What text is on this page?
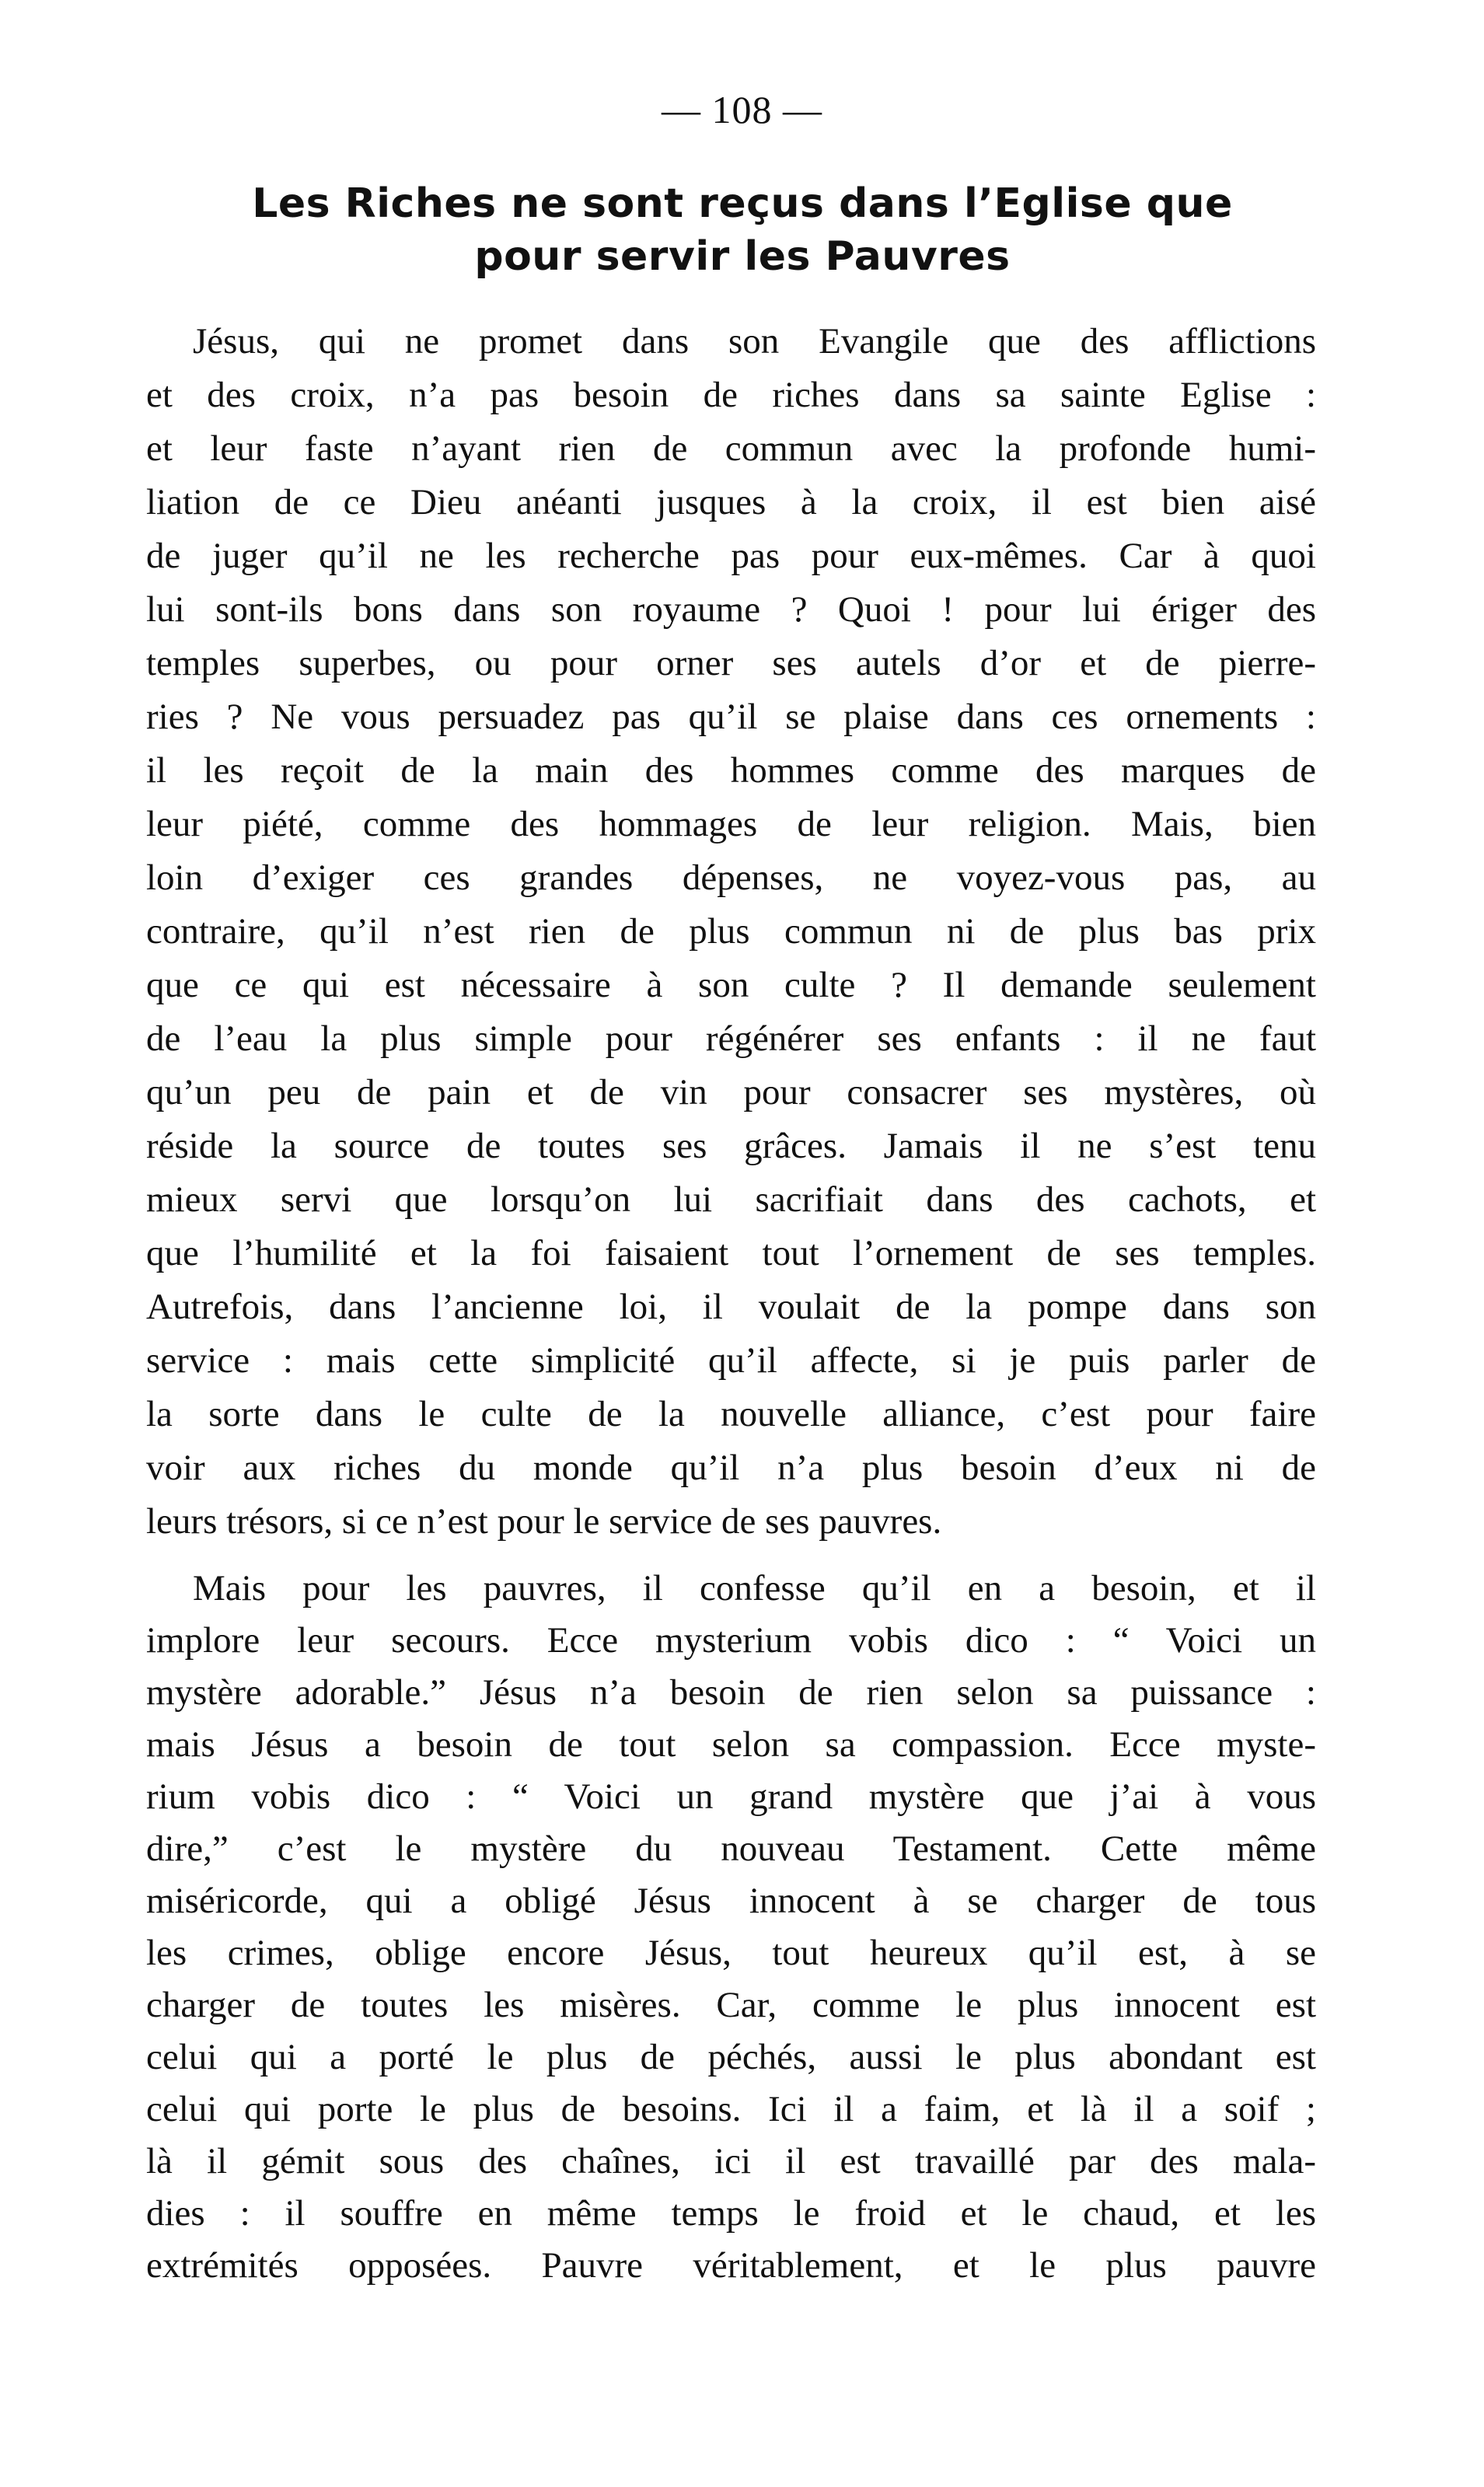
— 108 —
Les Riches ne sont reçus dans l’Eglise que
pour servir les Pauvres
Jésus, qui ne promet dans son Evangile que des afflictions
et des croix, n’a pas besoin de riches dans sa sainte Eglise :
et leur faste n’ayant rien de commun avec la profonde humi-
liation de ce Dieu anéanti jusques à la croix, il est bien aisé
de juger qu’il ne les recherche pas pour eux-mêmes. Car à quoi
lui sont-ils bons dans son royaume ? Quoi ! pour lui ériger des
temples superbes, ou pour orner ses autels d’or et de pierre-
ries ? Ne vous persuadez pas qu’il se plaise dans ces ornements :
il les reçoit de la main des hommes comme des marques de
leur piété, comme des hommages de leur religion. Mais, bien
loin d’exiger ces grandes dépenses, ne voyez-vous pas, au
contraire, qu’il n’est rien de plus commun ni de plus bas prix
que ce qui est nécessaire à son culte ? Il demande seulement
de l’eau la plus simple pour régénérer ses enfants : il ne faut
qu’un peu de pain et de vin pour consacrer ses mystères, où
réside la source de toutes ses grâces. Jamais il ne s’est tenu
mieux servi que lorsqu’on lui sacrifiait dans des cachots, et
que l’humilité et la foi faisaient tout l’ornement de ses temples.
Autrefois, dans l’ancienne loi, il voulait de la pompe dans son
service : mais cette simplicité qu’il affecte, si je puis parler de
la sorte dans le culte de la nouvelle alliance, c’est pour faire
voir aux riches du monde qu’il n’a plus besoin d’eux ni de
leurs trésors, si ce n’est pour le service de ses pauvres.
Mais pour les pauvres, il confesse qu’il en a besoin, et il
implore leur secours. Ecce mysterium vobis dico : “ Voici un
mystère adorable.” Jésus n’a besoin de rien selon sa puissance :
mais Jésus a besoin de tout selon sa compassion. Ecce myste-
rium vobis dico : “ Voici un grand mystère que j’ai à vous
dire,” c’est le mystère du nouveau Testament. Cette même
miséricorde, qui a obligé Jésus innocent à se charger de tous
les crimes, oblige encore Jésus, tout heureux qu’il est, à se
charger de toutes les misères. Car, comme le plus innocent est
celui qui a porté le plus de péchés, aussi le plus abondant est
celui qui porte le plus de besoins. Ici il a faim, et là il a soif ;
là il gémit sous des chaînes, ici il est travaillé par des mala-
dies : il souffre en même temps le froid et le chaud, et les
extrémités opposées. Pauvre véritablement, et le plus pauvre
